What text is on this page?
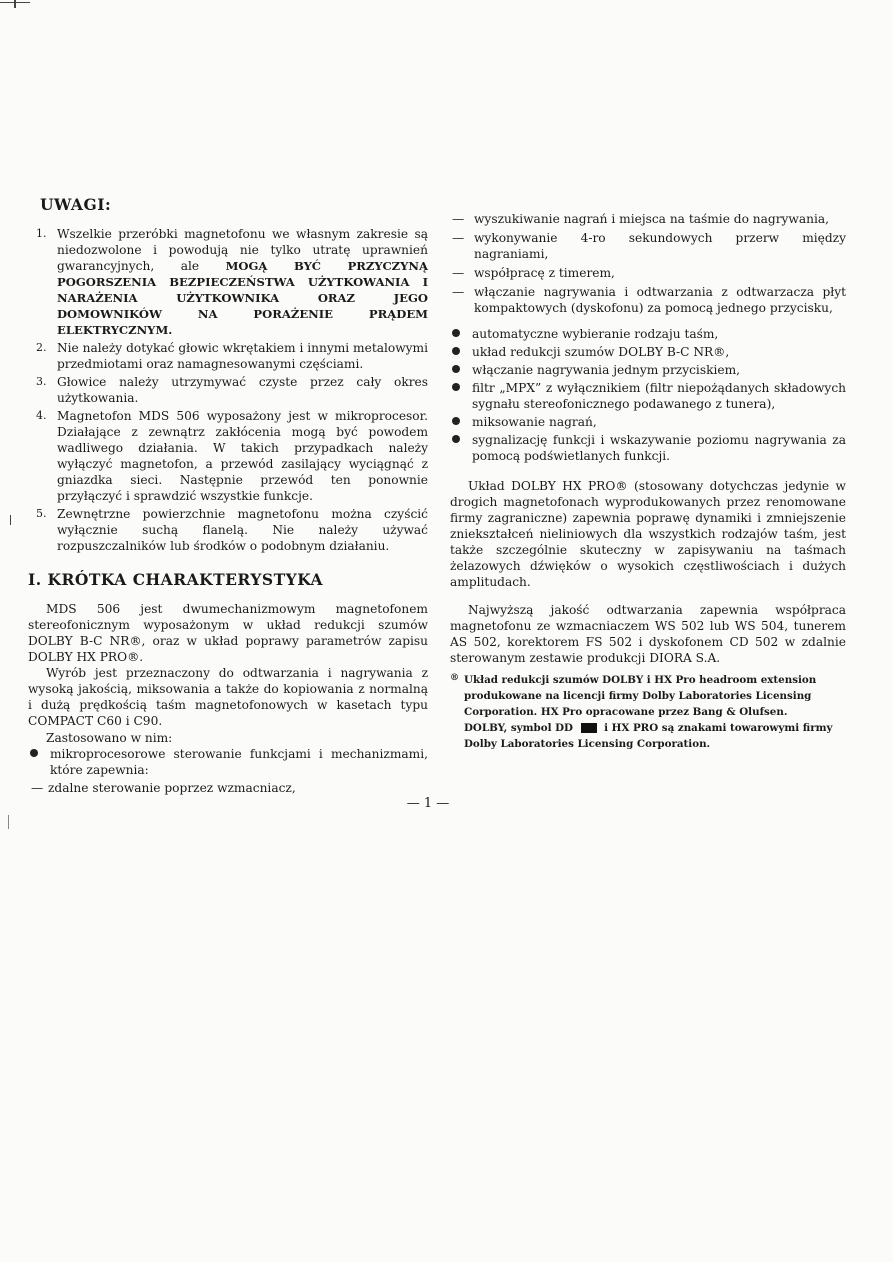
UWAGI:
1. Wszelkie przeróbki magnetofonu we własnym zakresie są niedozwolone i powodują nie tylko utratę uprawnień gwarancyjnych, ale MOGĄ BYĆ PRZYCZYNĄ POGORSZENIA BEZPIECZEŃSTWA UŻYTKOWANIA I NARAŻENIA UŻYTKOWNIKA ORAZ JEGO DOMOWNIKÓW NA PORAŻENIE PRĄDEM ELEKTRYCZNYM.
2. Nie należy dotykać głowic wkrętakiem i innymi metalowymi przedmiotami oraz namagnesowanymi częściami.
3. Głowice należy utrzymywać czyste przez cały okres użytkowania.
4. Magnetofon MDS 506 wyposażony jest w mikroprocesor. Działające z zewnątrz zakłócenia mogą być powodem wadliwego działania. W takich przypadkach należy wyłączyć magnetofon, a przewód zasilający wyciągnąć z gniazdka sieci. Następnie przewód ten ponownie przyłączyć i sprawdzić wszystkie funkcje.
5. Zewnętrzne powierzchnie magnetofonu można czyścić wyłącznie suchą flanelą. Nie należy używać rozpuszczalników lub środków o podobnym działaniu.
I. KRÓTKA CHARAKTERYSTYKA

MDS 506 jest dwumechanizmowym magnetofonem stereofonicznym wyposażonym w układ redukcji szumów DOLBY B-C NR®, oraz w układ poprawy parametrów zapisu DOLBY HX PRO®.

Wyrób jest przeznaczony do odtwarzania i nagrywania z wysoką jakością, miksowania a także do kopiowania z normalną i dużą prędkością taśm magnetofonowych w kasetach typu COMPACT C60 i C90.

Zastosowano w nim:

mikroprocesorowe sterowanie funkcjami i mechanizmami, które zapewnia:
— zdalne sterowanie poprzez wzmacniacz,
— wyszukiwanie nagrań i miejsca na taśmie do nagrywania,
— wykonywanie 4-ro sekundowych przerw między nagraniami,
— współpracę z timerem,
— włączanie nagrywania i odtwarzania z odtwarzacza płyt kompaktowych (dyskofonu) za pomocą jednego przycisku,
automatyczne wybieranie rodzaju taśm,
układ redukcji szumów DOLBY B-C NR®,
włączanie nagrywania jednym przyciskiem,
filtr „MPX” z wyłącznikiem (filtr niepożądanych składowych sygnału stereofonicznego podawanego z tunera),
miksowanie nagrań,
sygnalizację funkcji i wskazywanie poziomu nagrywania za pomocą podświetlanych funkcji.

Układ DOLBY HX PRO® (stosowany dotychczas jedynie w drogich magnetofonach wyprodukowanych przez renomowane firmy zagraniczne) zapewnia poprawę dynamiki i zmniejszenie zniekształceń nieliniowych dla wszystkich rodzajów taśm, jest także szczególnie skuteczny w zapisywaniu na taśmach żelazowych dźwięków o wysokich częstliwościach i dużych amplitudach.

Najwyższą jakość odtwarzania zapewnia współpraca magnetofonu ze wzmacniaczem WS 502 lub WS 504, tunerem AS 502, korektorem FS 502 i dyskofonem CD 502 w zdalnie sterowanym zestawie produkcji DIORA S.A.

® Układ redukcji szumów DOLBY i HX Pro headroom extension produkowane na licencji firmy Dolby Laboratories Licensing Corporation. HX Pro opracowane przez Bang & Olufsen.
DOLBY, symbol DD	i HX PRO są znakami towarowymi firmy Dolby Laboratories Licensing Corporation.
— 1 —
